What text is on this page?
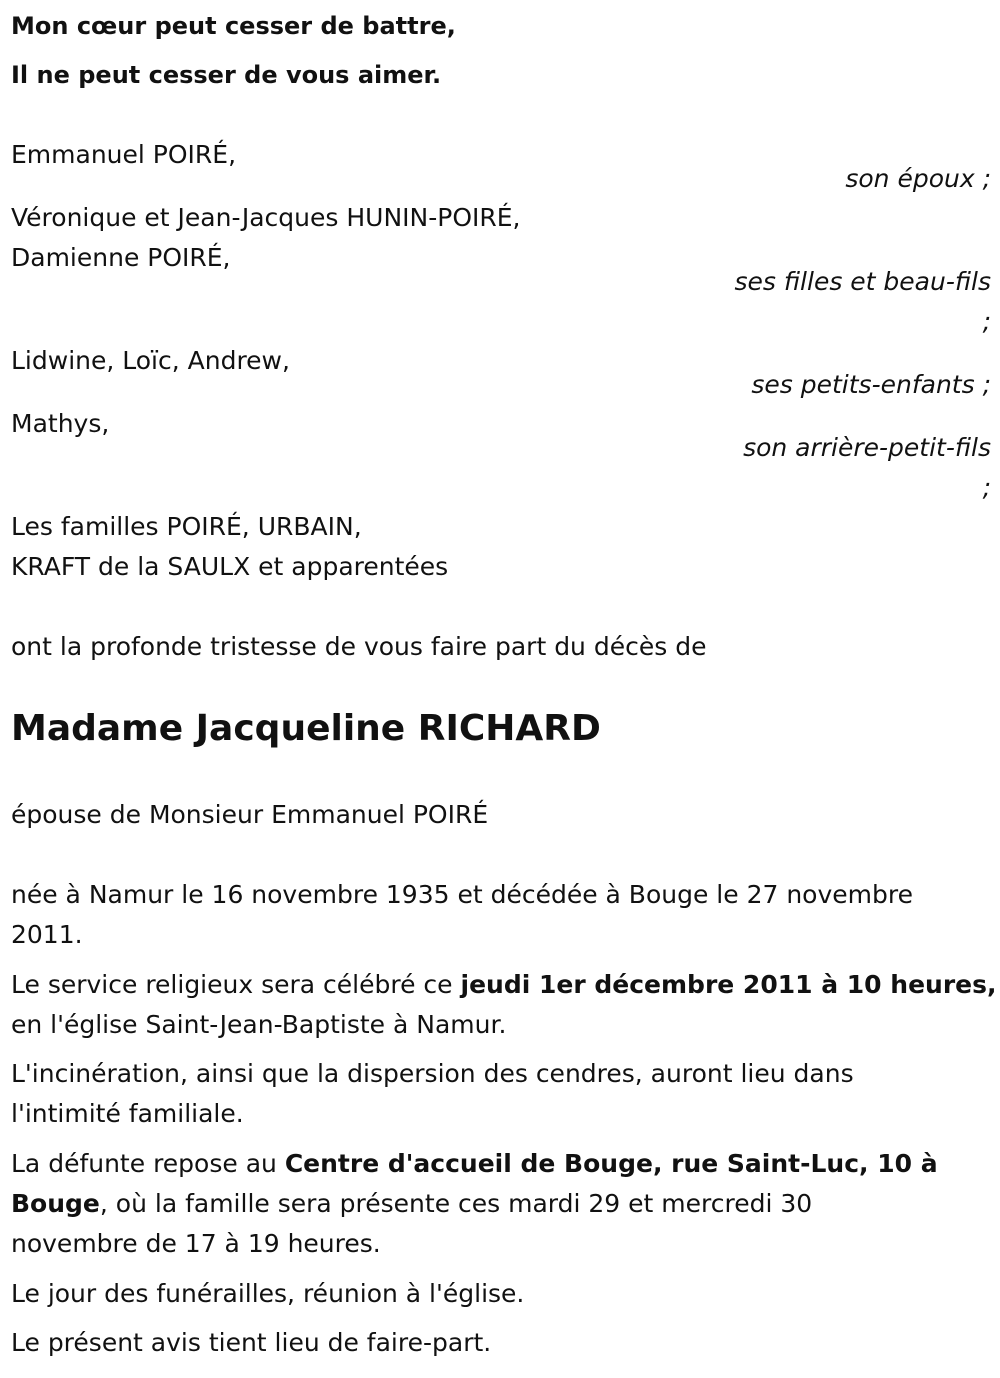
Mon cœur peut cesser de battre,
Il ne peut cesser de vous aimer.
Emmanuel POIRÉ,
son époux ;
Véronique et Jean-Jacques HUNIN-POIRÉ,
Damienne POIRÉ,
ses filles et beau-fils
;
Lidwine, Loïc, Andrew,
ses petits-enfants ;
Mathys,
son arrière-petit-fils
;
Les familles POIRÉ, URBAIN,
KRAFT de la SAULX et apparentées
ont la profonde tristesse de vous faire part du décès de
Madame Jacqueline RICHARD
épouse de Monsieur Emmanuel POIRÉ
née à Namur le 16 novembre 1935 et décédée à Bouge le 27 novembre
2011.
Le service religieux sera célébré ce jeudi 1er décembre 2011 à 10 heures,
en l'église Saint-Jean-Baptiste à Namur.
L'incinération, ainsi que la dispersion des cendres, auront lieu dans
l'intimité familiale.
La défunte repose au Centre d'accueil de Bouge, rue Saint-Luc, 10 à
Bouge, où la famille sera présente ces mardi 29 et mercredi 30
novembre de 17 à 19 heures.
Le jour des funérailles, réunion à l'église.
Le présent avis tient lieu de faire-part.
